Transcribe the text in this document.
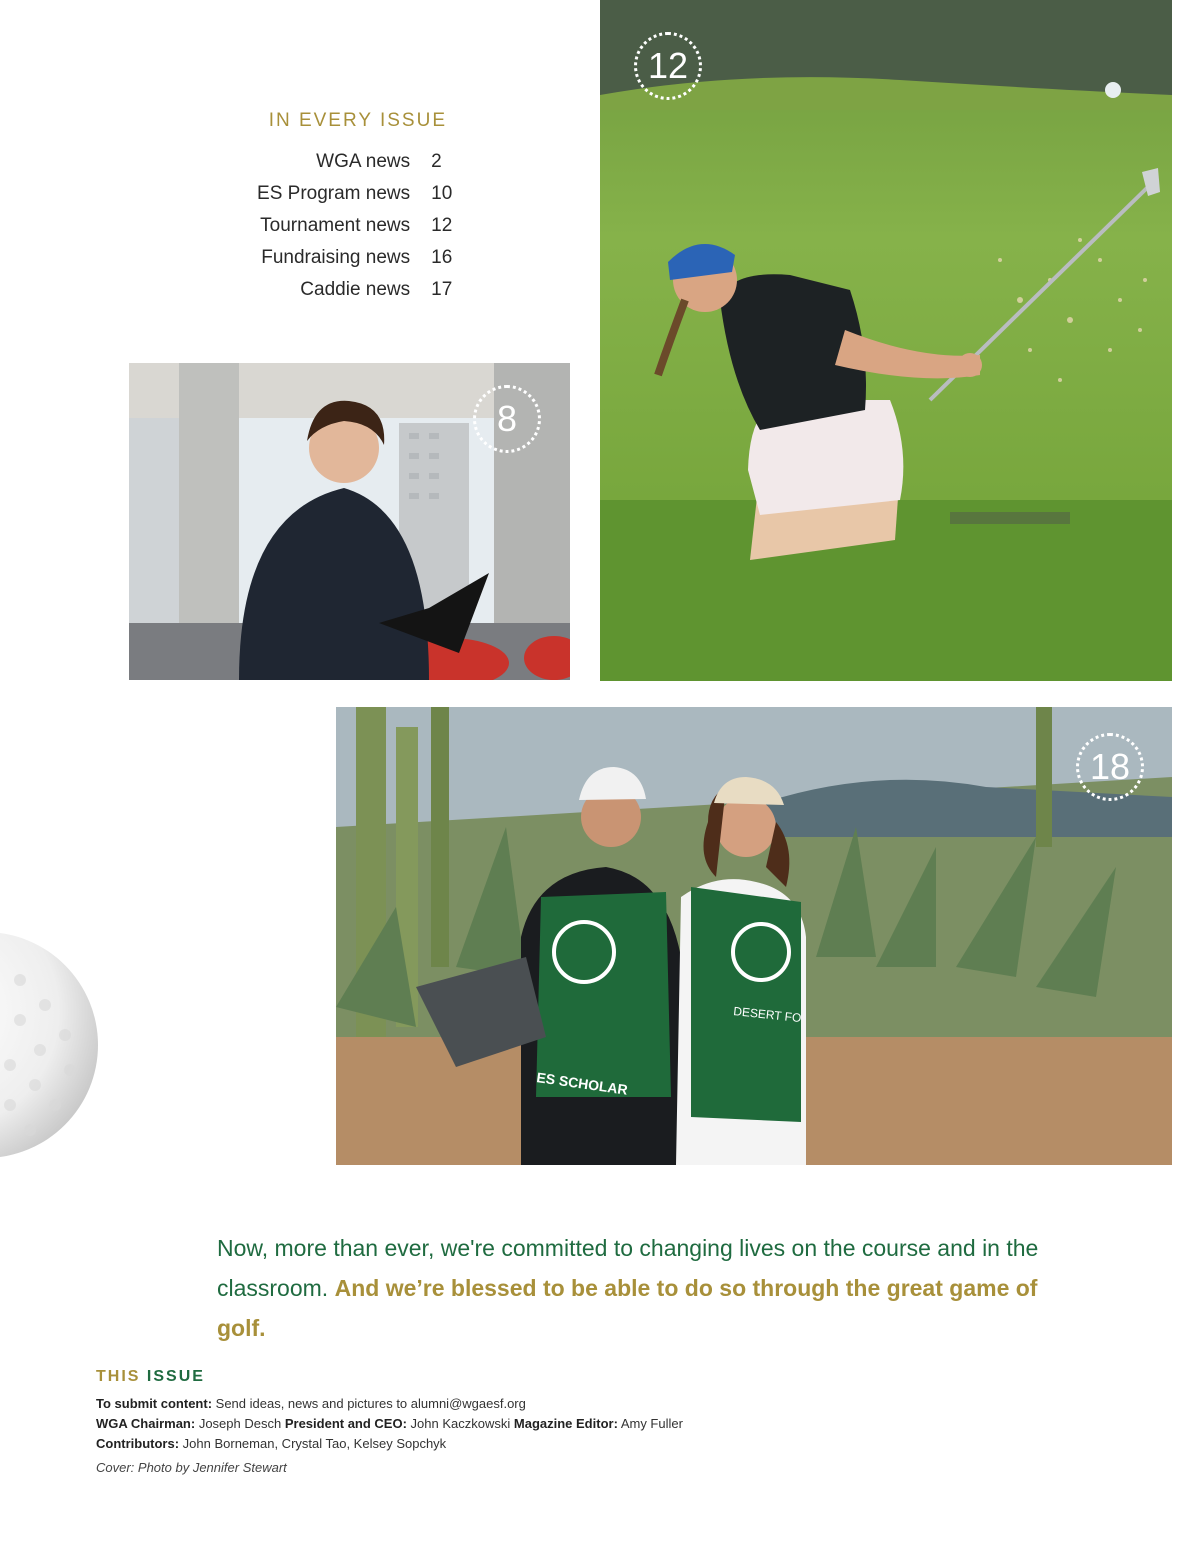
IN EVERY ISSUE
WGA news	2
ES Program news	10
Tournament news	12
Fundraising news	16
Caddie news	17
12
8
ES SCHOLAR
DESERT FO
18
Now, more than ever, we're committed to changing lives on the course and in the classroom. And we’re blessed to be able to do so through the great game of golf.
THIS ISSUE
To submit content: Send ideas, news and pictures to alumni@wgaesf.org
WGA Chairman: Joseph Desch President and CEO: John Kaczkowski Magazine Editor: Amy Fuller
Contributors: John Borneman, Crystal Tao, Kelsey Sopchyk
Cover: Photo by Jennifer Stewart
